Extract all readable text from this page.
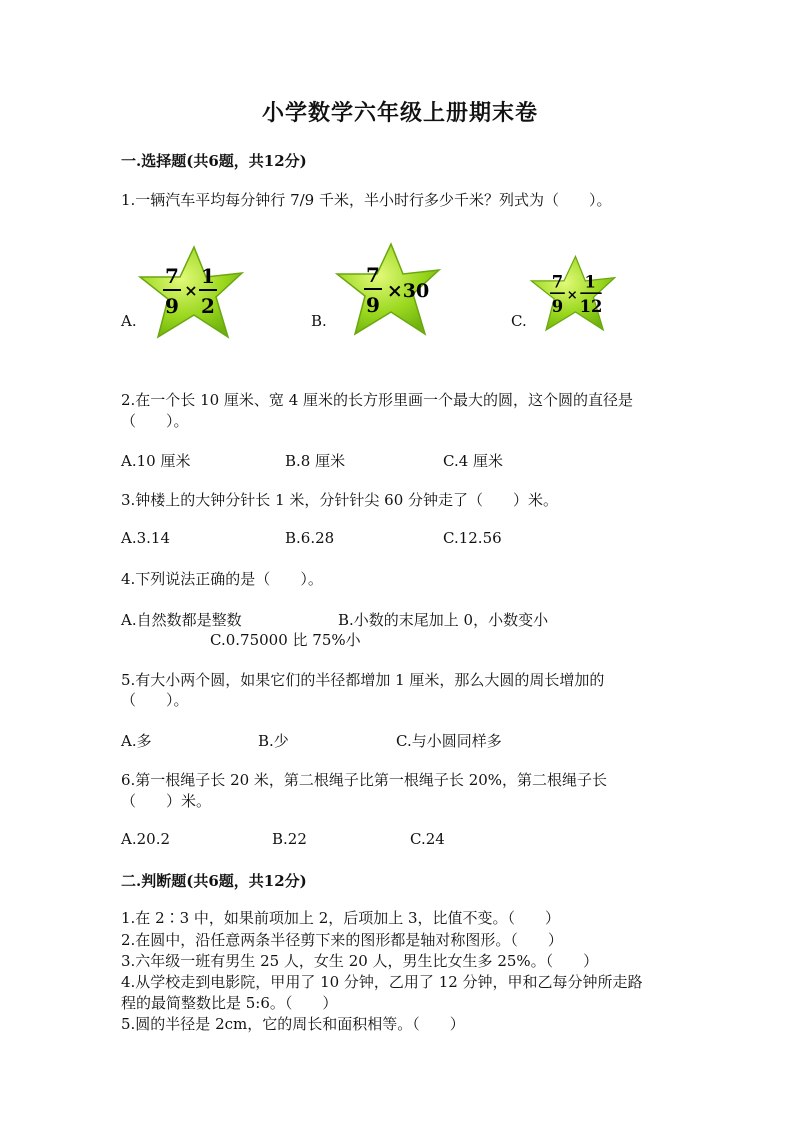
小学数学六年级上册期末卷
一.选择题(共6题，共12分)
1.一辆汽车平均每分钟行 7/9 千米，半小时行多少千米？列式为（　　）。
A.
7
9
×
1
2
B.
7
9
×30
C.
7
9
×
1
12
2.在一个长 10 厘米、宽 4 厘米的长方形里画一个最大的圆，这个圆的直径是
（　　）。
A.10 厘米	B.8 厘米	C.4 厘米
3.钟楼上的大钟分针长 1 米，分针针尖 60 分钟走了（　　）米。
A.3.14	B.6.28	C.12.56
4.下列说法正确的是（　　）。
A.自然数都是整数	B.小数的末尾加上 0，小数变小
C.0.75000 比 75%小
5.有大小两个圆，如果它们的半径都增加 1 厘米，那么大圆的周长增加的
（　　）。
A.多	B.少	C.与小圆同样多
6.第一根绳子长 20 米，第二根绳子比第一根绳子长 20%，第二根绳子长
（　　）米。
A.20.2	B.22	C.24
二.判断题(共6题，共12分)
1.在 2∶3 中，如果前项加上 2，后项加上 3，比值不变。（　　）
2.在圆中，沿任意两条半径剪下来的图形都是轴对称图形。（　　）
3.六年级一班有男生 25 人，女生 20 人，男生比女生多 25%。（　　）
4.从学校走到电影院，甲用了 10 分钟，乙用了 12 分钟，甲和乙每分钟所走路
程的最简整数比是 5:6。（　　）
5.圆的半径是 2cm，它的周长和面积相等。（　　）
